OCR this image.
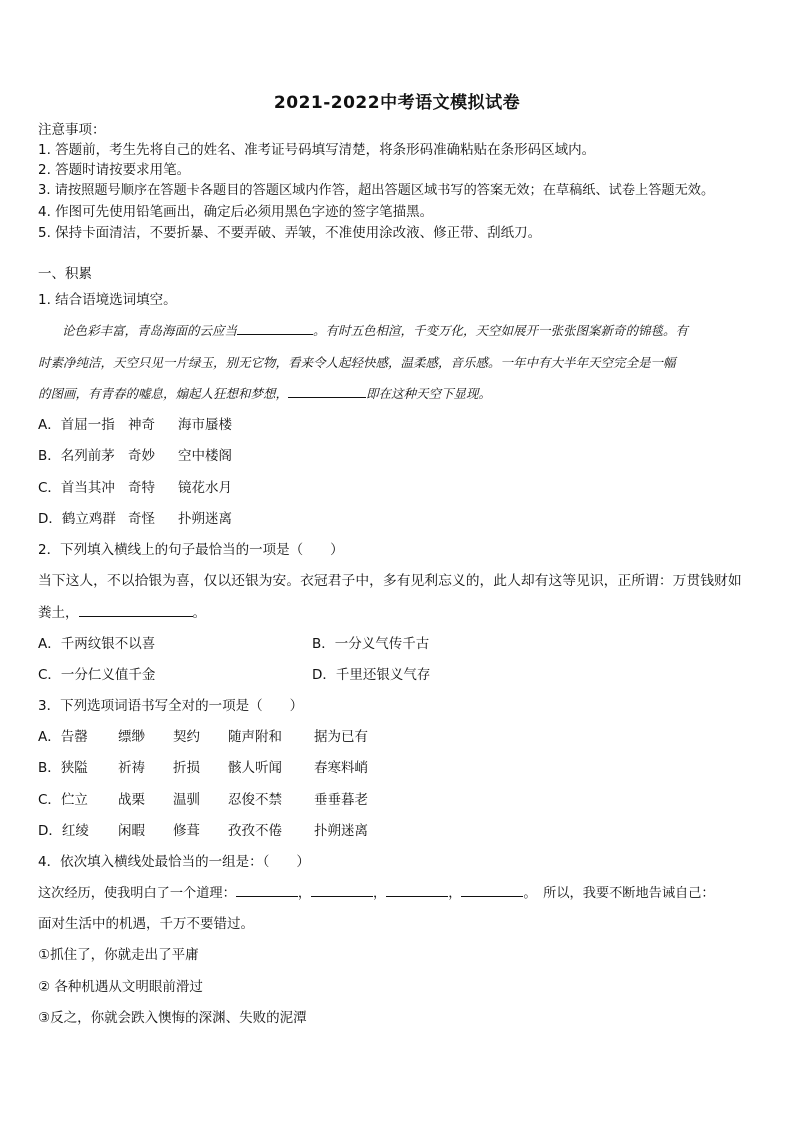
2021-2022中考语文模拟试卷
注意事项：
1. 答题前，考生先将自己的姓名、准考证号码填写清楚，将条形码准确粘贴在条形码区域内。
2. 答题时请按要求用笔。
3. 请按照题号顺序在答题卡各题目的答题区域内作答，超出答题区域书写的答案无效；在草稿纸、试卷上答题无效。
4. 作图可先使用铅笔画出，确定后必须用黑色字迹的签字笔描黑。
5. 保持卡面清洁，不要折暴、不要弄破、弄皱，不准使用涂改液、修正带、刮纸刀。
一、积累
1. 结合语境选词填空。
论色彩丰富，青岛海面的云应当	。有时五色相渲，千变万化，天空如展开一张张图案新奇的锦毯。有
时素净纯洁，天空只见一片绿玉，别无它物，看来令人起轻快感，温柔感，音乐感。一年中有大半年天空完全是一幅
的图画，有青春的嘘息，煽起人狂想和梦想，	即在这种天空下显现。
A．首屈一指 神奇 海市蜃楼
B．名列前茅 奇妙 空中楼阁
C．首当其冲 奇特 镜花水月
D．鹤立鸡群 奇怪 扑朔迷离
2．下列填入横线上的句子最恰当的一项是（　　）
当下这人，不以拾银为喜，仅以还银为安。衣冠君子中，多有见利忘义的，此人却有这等见识，正所谓：万贯钱财如
粪土，	。
A．千两纹银不以喜	B．一分义气传千古
C．一分仁义值千金	D．千里还银义气存
3．下列选项词语书写全对的一项是（　　）
A．告罄 缥缈 契约 随声附和 据为已有
B．狭隘 祈祷 折损 骸人听闻 春寒料峭
C．伫立 战栗 温驯 忍俊不禁 垂垂暮老
D．红绫 闲暇 修葺 孜孜不倦 扑朔迷离
4．依次填入横线处最恰当的一组是：（　　）
这次经历，使我明白了一个道理：	，	，	，	。　所以，我要不断地告诫自己：
面对生活中的机遇，千万不要错过。
①抓住了，你就走出了平庸
② 各种机遇从文明眼前滑过
③反之，你就会跌入懊悔的深渊、失败的泥潭
